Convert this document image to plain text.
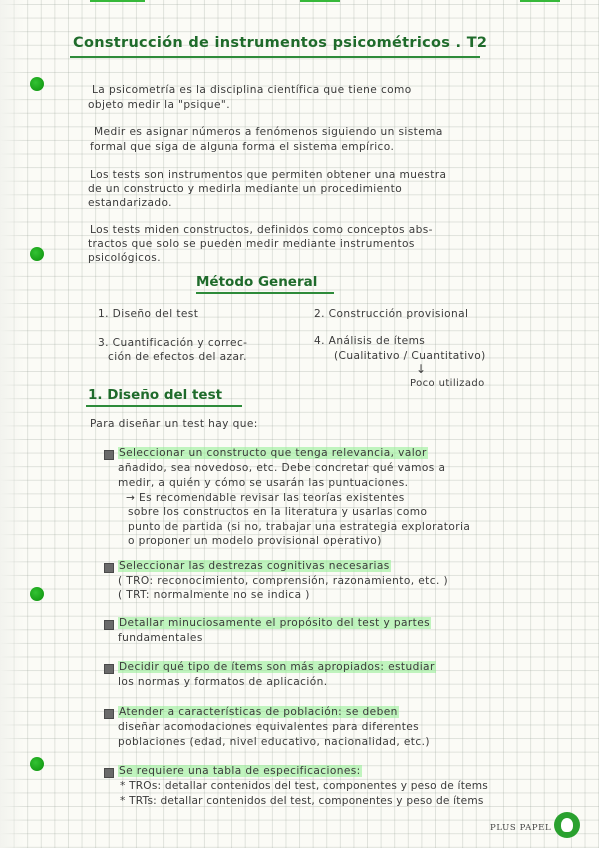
Construcción de instrumentos psicométricos . T2
La psicometría es la disciplina científica que tiene como
objeto medir la "psique".
Medir es asignar números a fenómenos siguiendo un sistema
formal que siga de alguna forma el sistema empírico.
Los tests son instrumentos que permiten obtener una muestra
de un constructo y medirla mediante un procedimiento
estandarizado.
Los tests miden constructos, definidos como conceptos abs-
tractos que solo se pueden medir mediante instrumentos
psicológicos.
Método General
1. Diseño del test	2. Construcción provisional
3. Cuantificación y correc-
ción de efectos del azar.
4. Análisis de ítems
(Cualitativo / Cuantitativo)
↓
Poco utilizado
1. Diseño del test
Para diseñar un test hay que:
Seleccionar un constructo que tenga relevancia, valor
añadido, sea novedoso, etc. Debe concretar qué vamos a
medir, a quién y cómo se usarán las puntuaciones.
→ Es recomendable revisar las teorías existentes
sobre los constructos en la literatura y usarlas como
punto de partida (si no, trabajar una estrategia exploratoria
o proponer un modelo provisional operativo)
Seleccionar las destrezas cognitivas necesarias
( TRO: reconocimiento, comprensión, razonamiento, etc. )
( TRT: normalmente no se indica )
Detallar minuciosamente el propósito del test y partes
fundamentales
Decidir qué tipo de ítems son más apropiados: estudiar
los normas y formatos de aplicación.
Atender a características de población: se deben
diseñar acomodaciones equivalentes para diferentes
poblaciones (edad, nivel educativo, nacionalidad, etc.)
Se requiere una tabla de especificaciones:
* TROs: detallar contenidos del test, componentes y peso de ítems
* TRTs: detallar contenidos del test, componentes y peso de ítems
PLUS PAPEL
